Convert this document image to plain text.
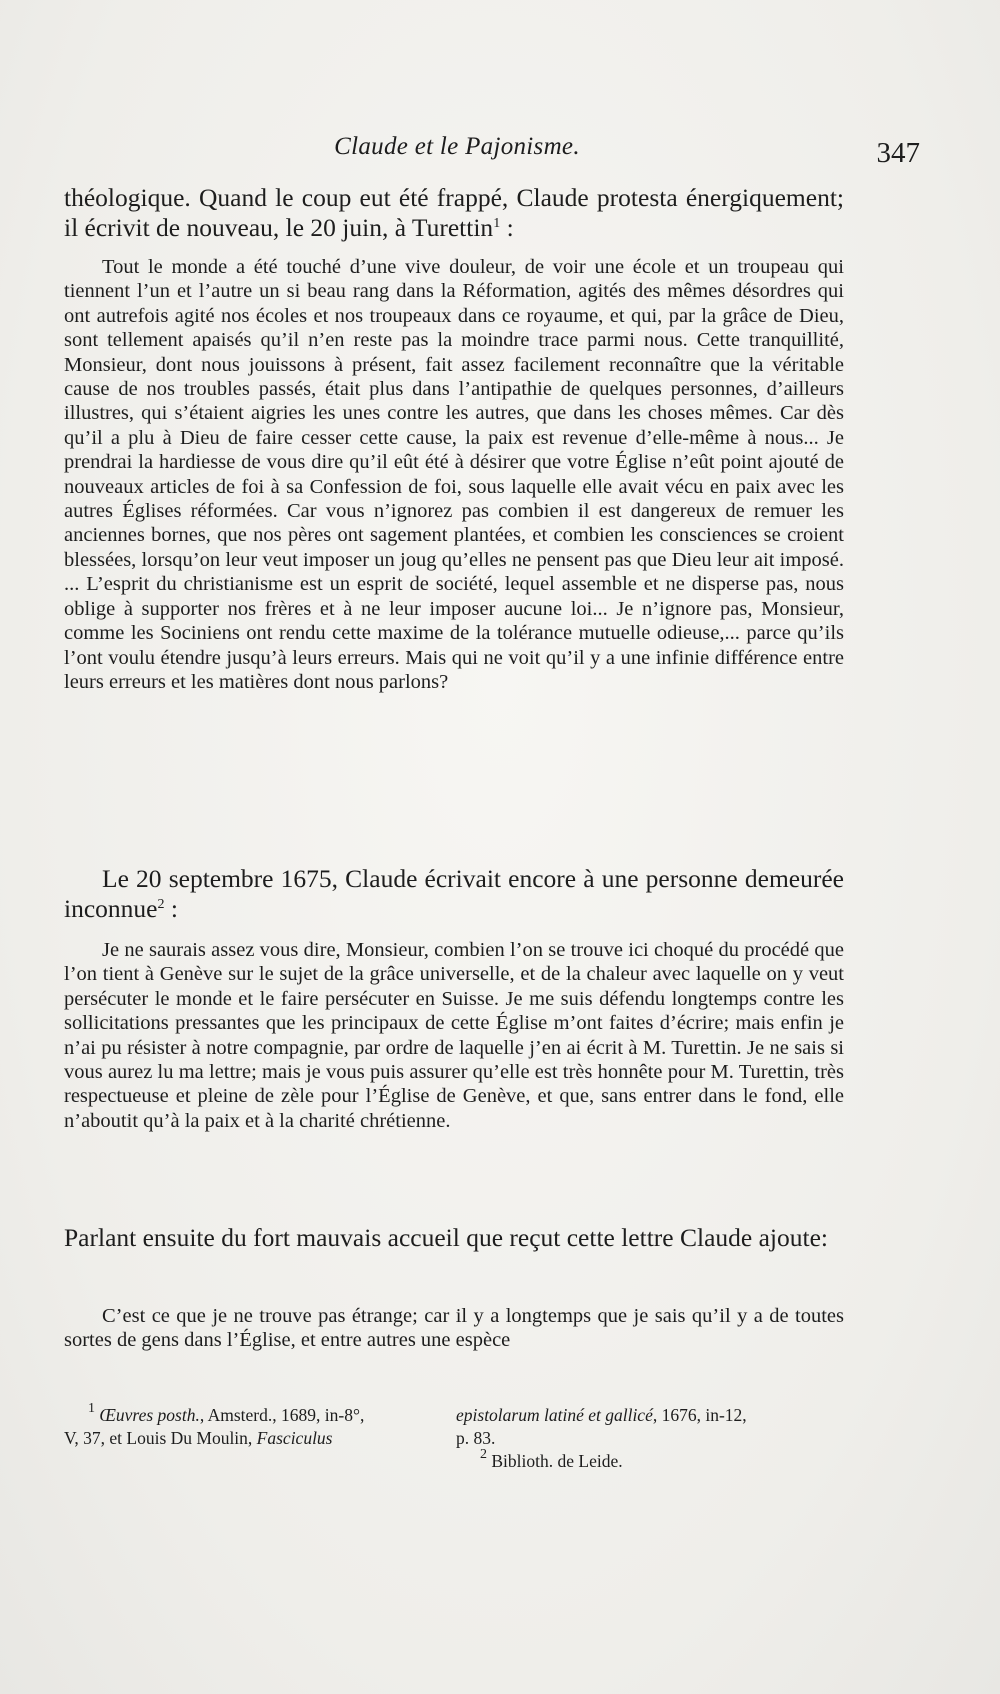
Claude et le Pajonisme.	347

théologique. Quand le coup eut été frappé, Claude protesta énergiquement; il écrivit de nouveau, le 20 juin, à Turettin$^1$ :

Tout le monde a été touché d’une vive douleur, de voir une école et un troupeau qui tiennent l’un et l’autre un si beau rang dans la Réformation, agités des mêmes désordres qui ont autrefois agité nos écoles et nos troupeaux dans ce royaume, et qui, par la grâce de Dieu, sont tellement apaisés qu’il n’en reste pas la moindre trace parmi nous. Cette tranquillité, Monsieur, dont nous jouissons à présent, fait assez facilement reconnaître que la véritable cause de nos troubles passés, était plus dans l’antipathie de quelques personnes, d’ailleurs illustres, qui s’étaient aigries les unes contre les autres, que dans les choses mêmes. Car dès qu’il a plu à Dieu de faire cesser cette cause, la paix est revenue d’elle-même à nous... Je prendrai la hardiesse de vous dire qu’il eût été à désirer que votre Église n’eût point ajouté de nouveaux articles de foi à sa Confession de foi, sous laquelle elle avait vécu en paix avec les autres Églises réformées. Car vous n’ignorez pas combien il est dangereux de remuer les anciennes bornes, que nos pères ont sagement plantées, et combien les consciences se croient blessées, lorsqu’on leur veut imposer un joug qu’elles ne pensent pas que Dieu leur ait imposé. ... L’esprit du christianisme est un esprit de société, lequel assemble et ne disperse pas, nous oblige à supporter nos frères et à ne leur imposer aucune loi... Je n’ignore pas, Monsieur, comme les Sociniens ont rendu cette maxime de la tolérance mutuelle odieuse,... parce qu’ils l’ont voulu étendre jusqu’à leurs erreurs. Mais qui ne voit qu’il y a une infinie différence entre leurs erreurs et les matières dont nous parlons?

Le 20 septembre 1675, Claude écrivait encore à une personne demeurée inconnue$^2$ :

Je ne saurais assez vous dire, Monsieur, combien l’on se trouve ici choqué du procédé que l’on tient à Genève sur le sujet de la grâce universelle, et de la chaleur avec laquelle on y veut persécuter le monde et le faire persécuter en Suisse. Je me suis défendu longtemps contre les sollicitations pressantes que les principaux de cette Église m’ont faites d’écrire; mais enfin je n’ai pu résister à notre compagnie, par ordre de laquelle j’en ai écrit à M. Turettin. Je ne sais si vous aurez lu ma lettre; mais je vous puis assurer qu’elle est très honnête pour M. Turettin, très respectueuse et pleine de zèle pour l’Église de Genève, et que, sans entrer dans le fond, elle n’aboutit qu’à la paix et à la charité chrétienne.

Parlant ensuite du fort mauvais accueil que reçut cette lettre Claude ajoute:

C’est ce que je ne trouve pas étrange; car il y a longtemps que je sais qu’il y a de toutes sortes de gens dans l’Église, et entre autres une espèce

$^1$ Œuvres posth., Amsterd., 1689, in-8°,
V, 37, et Louis Du Moulin, Fasciculus
epistolarum latiné et gallicé, 1676, in-12,
p. 83.
$^2$ Biblioth. de Leide.
